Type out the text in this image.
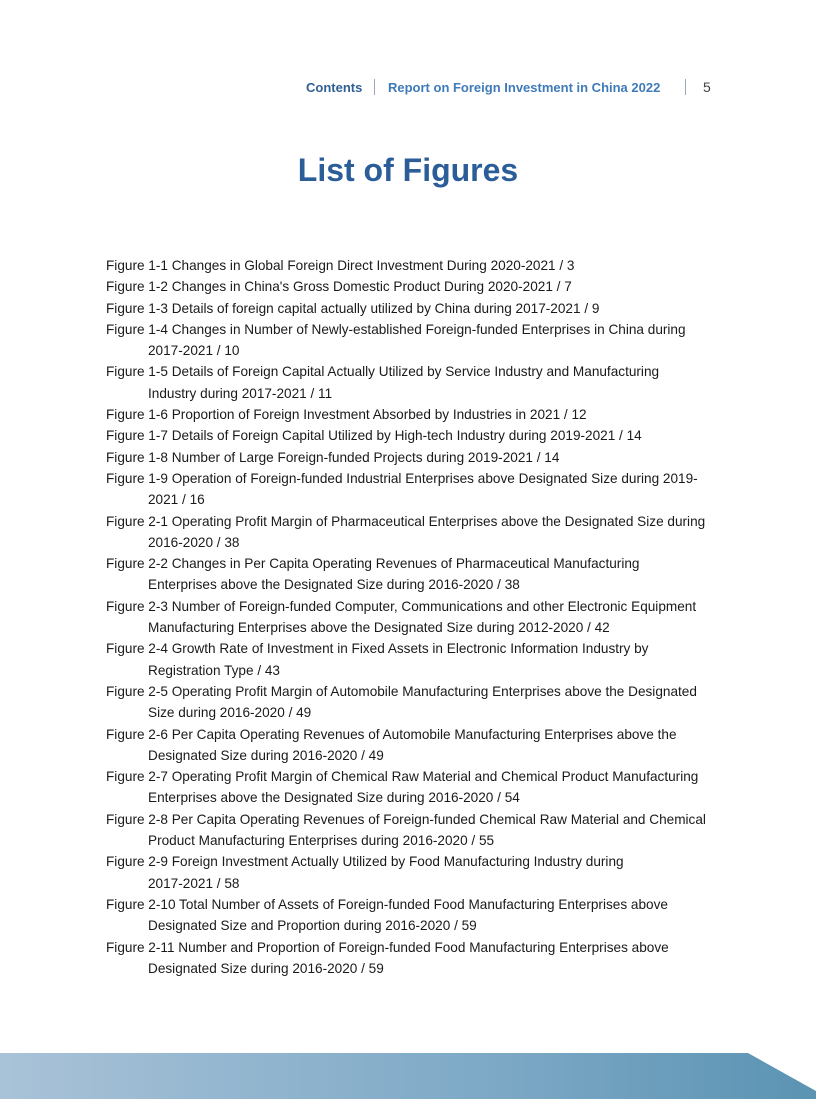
Contents Report on Foreign Investment in China 2022	5
List of Figures
Figure 1-1 Changes in Global Foreign Direct Investment During 2020-2021 / 3
Figure 1-2 Changes in China's Gross Domestic Product During 2020-2021 / 7
Figure 1-3 Details of foreign capital actually utilized by China during 2017-2021 / 9
Figure 1-4 Changes in Number of Newly-established Foreign-funded Enterprises in China during
2017-2021 / 10
Figure 1-5 Details of Foreign Capital Actually Utilized by Service Industry and Manufacturing
Industry during 2017-2021 / 11
Figure 1-6 Proportion of Foreign Investment Absorbed by Industries in 2021 / 12
Figure 1-7 Details of Foreign Capital Utilized by High-tech Industry during 2019-2021 / 14
Figure 1-8 Number of Large Foreign-funded Projects during 2019-2021 / 14
Figure 1-9 Operation of Foreign-funded Industrial Enterprises above Designated Size during 2019-
2021 / 16
Figure 2-1 Operating Profit Margin of Pharmaceutical Enterprises above the Designated Size during
2016-2020 / 38
Figure 2-2 Changes in Per Capita Operating Revenues of Pharmaceutical Manufacturing
Enterprises above the Designated Size during 2016-2020 / 38
Figure 2-3 Number of Foreign-funded Computer, Communications and other Electronic Equipment
Manufacturing Enterprises above the Designated Size during 2012-2020 / 42
Figure 2-4 Growth Rate of Investment in Fixed Assets in Electronic Information Industry by
Registration Type / 43
Figure 2-5 Operating Profit Margin of Automobile Manufacturing Enterprises above the Designated
Size during 2016-2020 / 49
Figure 2-6 Per Capita Operating Revenues of Automobile Manufacturing Enterprises above the
Designated Size during 2016-2020 / 49
Figure 2-7 Operating Profit Margin of Chemical Raw Material and Chemical Product Manufacturing
Enterprises above the Designated Size during 2016-2020 / 54
Figure 2-8 Per Capita Operating Revenues of Foreign-funded Chemical Raw Material and Chemical
Product Manufacturing Enterprises during 2016-2020 / 55
Figure 2-9 Foreign Investment Actually Utilized by Food Manufacturing Industry during
2017-2021 / 58
Figure 2-10 Total Number of Assets of Foreign-funded Food Manufacturing Enterprises above
Designated Size and Proportion during 2016-2020 / 59
Figure 2-11 Number and Proportion of Foreign-funded Food Manufacturing Enterprises above
Designated Size during 2016-2020 / 59
